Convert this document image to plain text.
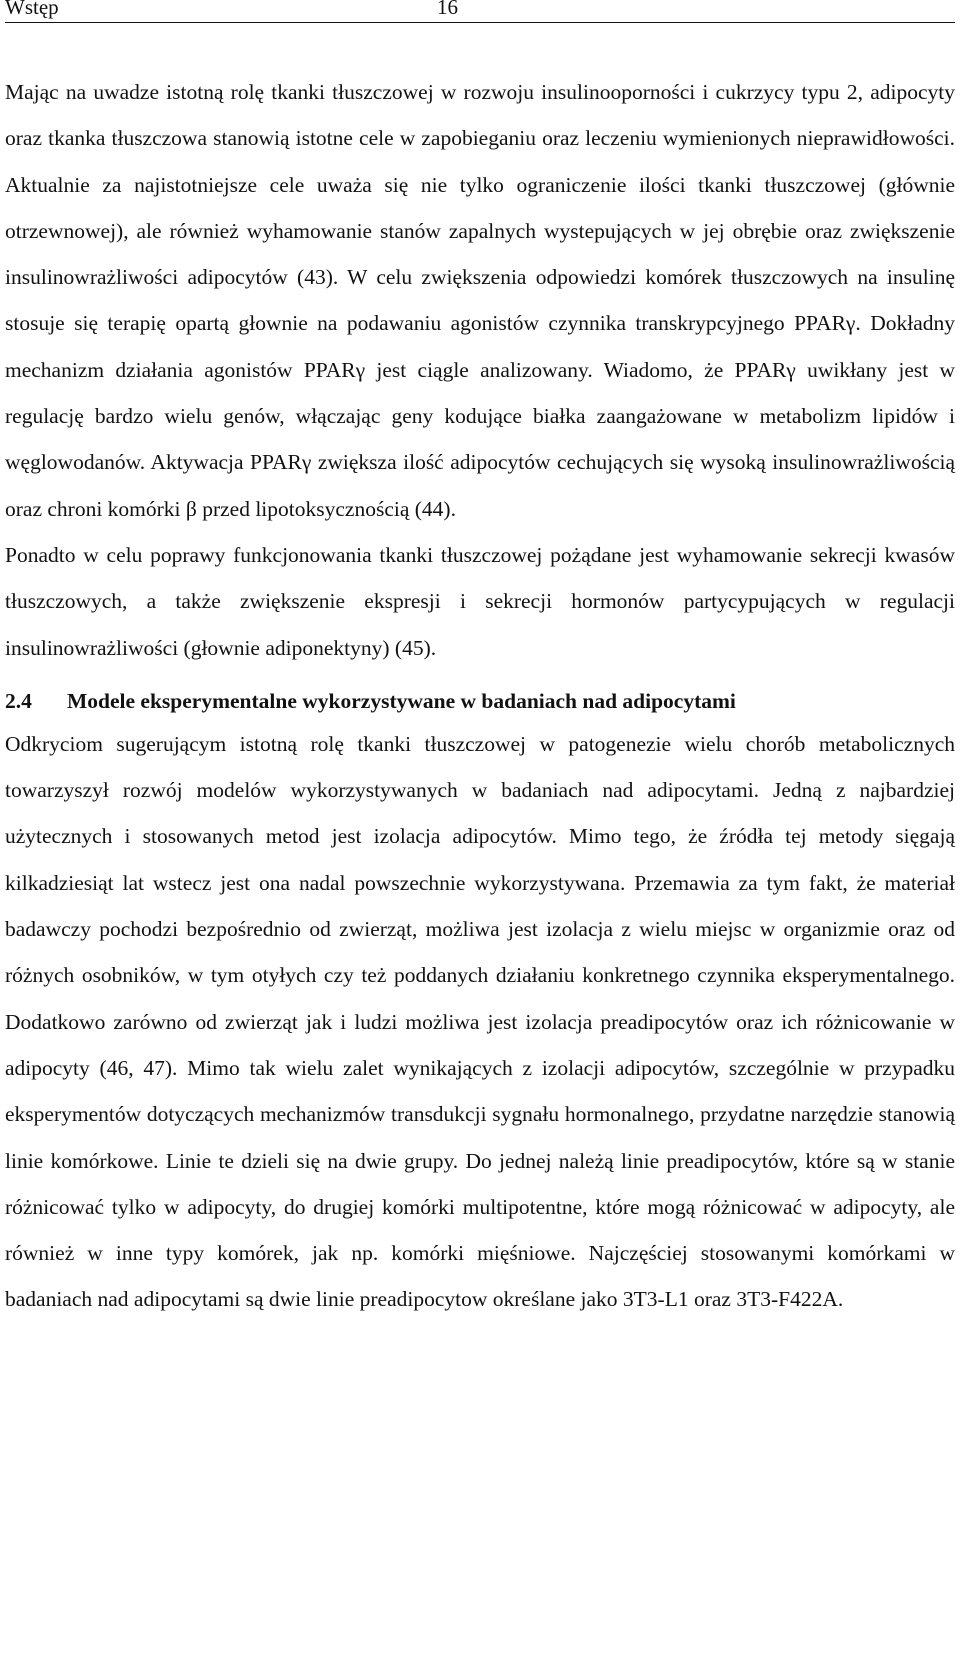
Wstęp	16

Mając na uwadze istotną rolę tkanki tłuszczowej w rozwoju insulinooporności i cukrzycy typu 2, adipocyty oraz tkanka tłuszczowa stanowią istotne cele w zapobieganiu oraz leczeniu wymienionych nieprawidłowości. Aktualnie za najistotniejsze cele uważa się nie tylko ograniczenie ilości tkanki tłuszczowej (głównie otrzewnowej), ale również wyhamowanie stanów zapalnych wystepujących w jej obrębie oraz zwiększenie insulinowrażliwości adipocytów (43). W celu zwiększenia odpowiedzi komórek tłuszczowych na insulinę stosuje się terapię opartą głownie na podawaniu agonistów czynnika transkrypcyjnego PPARγ. Dokładny mechanizm działania agonistów PPARγ jest ciągle analizowany. Wiadomo, że PPARγ uwikłany jest w regulację bardzo wielu genów, włączając geny kodujące białka zaangażowane w metabolizm lipidów i węglowodanów. Aktywacja PPARγ zwiększa ilość adipocytów cechujących się wysoką insulinowrażliwością oraz chroni komórki β przed lipotoksycznością (44).

Ponadto w celu poprawy funkcjonowania tkanki tłuszczowej pożądane jest wyhamowanie sekrecji kwasów tłuszczowych, a także zwiększenie ekspresji i sekrecji hormonów partycypujących w regulacji insulinowrażliwości (głownie adiponektyny) (45).

2.4 Modele eksperymentalne wykorzystywane w badaniach nad adipocytami

Odkryciom sugerującym istotną rolę tkanki tłuszczowej w patogenezie wielu chorób metabolicznych towarzyszył rozwój modelów wykorzystywanych w badaniach nad adipocytami. Jedną z najbardziej użytecznych i stosowanych metod jest izolacja adipocytów. Mimo tego, że źródła tej metody sięgają kilkadziesiąt lat wstecz jest ona nadal powszechnie wykorzystywana. Przemawia za tym fakt, że materiał badawczy pochodzi bezpośrednio od zwierząt, możliwa jest izolacja z wielu miejsc w organizmie oraz od różnych osobników, w tym otyłych czy też poddanych działaniu konkretnego czynnika eksperymentalnego. Dodatkowo zarówno od zwierząt jak i ludzi możliwa jest izolacja preadipocytów oraz ich różnicowanie w adipocyty (46, 47). Mimo tak wielu zalet wynikających z izolacji adipocytów, szczególnie w przypadku eksperymentów dotyczących mechanizmów transdukcji sygnału hormonalnego, przydatne narzędzie stanowią linie komórkowe. Linie te dzieli się na dwie grupy. Do jednej należą linie preadipocytów, które są w stanie różnicować tylko w adipocyty, do drugiej komórki multipotentne, które mogą różnicować w adipocyty, ale również w inne typy komórek, jak np. komórki mięśniowe. Najczęściej stosowanymi komórkami w badaniach nad adipocytami są dwie linie preadipocytow określane jako 3T3-L1 oraz 3T3-F422A.
